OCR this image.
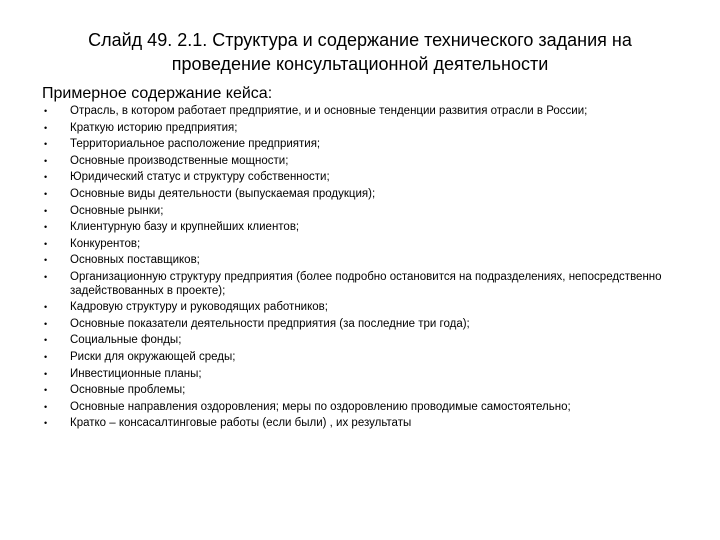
Слайд 49. 2.1. Структура и содержание технического задания на
проведение консультационной деятельности

Примерное содержание кейса:

• Отрасль, в котором работает предприятие, и и основные тенденции развития отрасли в России;
• Краткую историю предприятия;
• Территориальное расположение предприятия;
• Основные производственные мощности;
• Юридический статус и структуру собственности;
• Основные виды деятельности (выпускаемая продукция);
• Основные рынки;
• Клиентурную базу и крупнейших клиентов;
• Конкурентов;
• Основных поставщиков;
• Организационную структуру предприятия (более подробно остановится на подразделениях, непосредственно задействованных в проекте);
• Кадровую структуру и руководящих работников;
• Основные показатели деятельности предприятия (за последние три года);
• Социальные фонды;
• Риски для окружающей среды;
• Инвестиционные планы;
• Основные проблемы;
• Основные направления оздоровления; меры по оздоровлению проводимые самостоятельно;
• Кратко – консасалтинговые работы (если были) , их результаты
